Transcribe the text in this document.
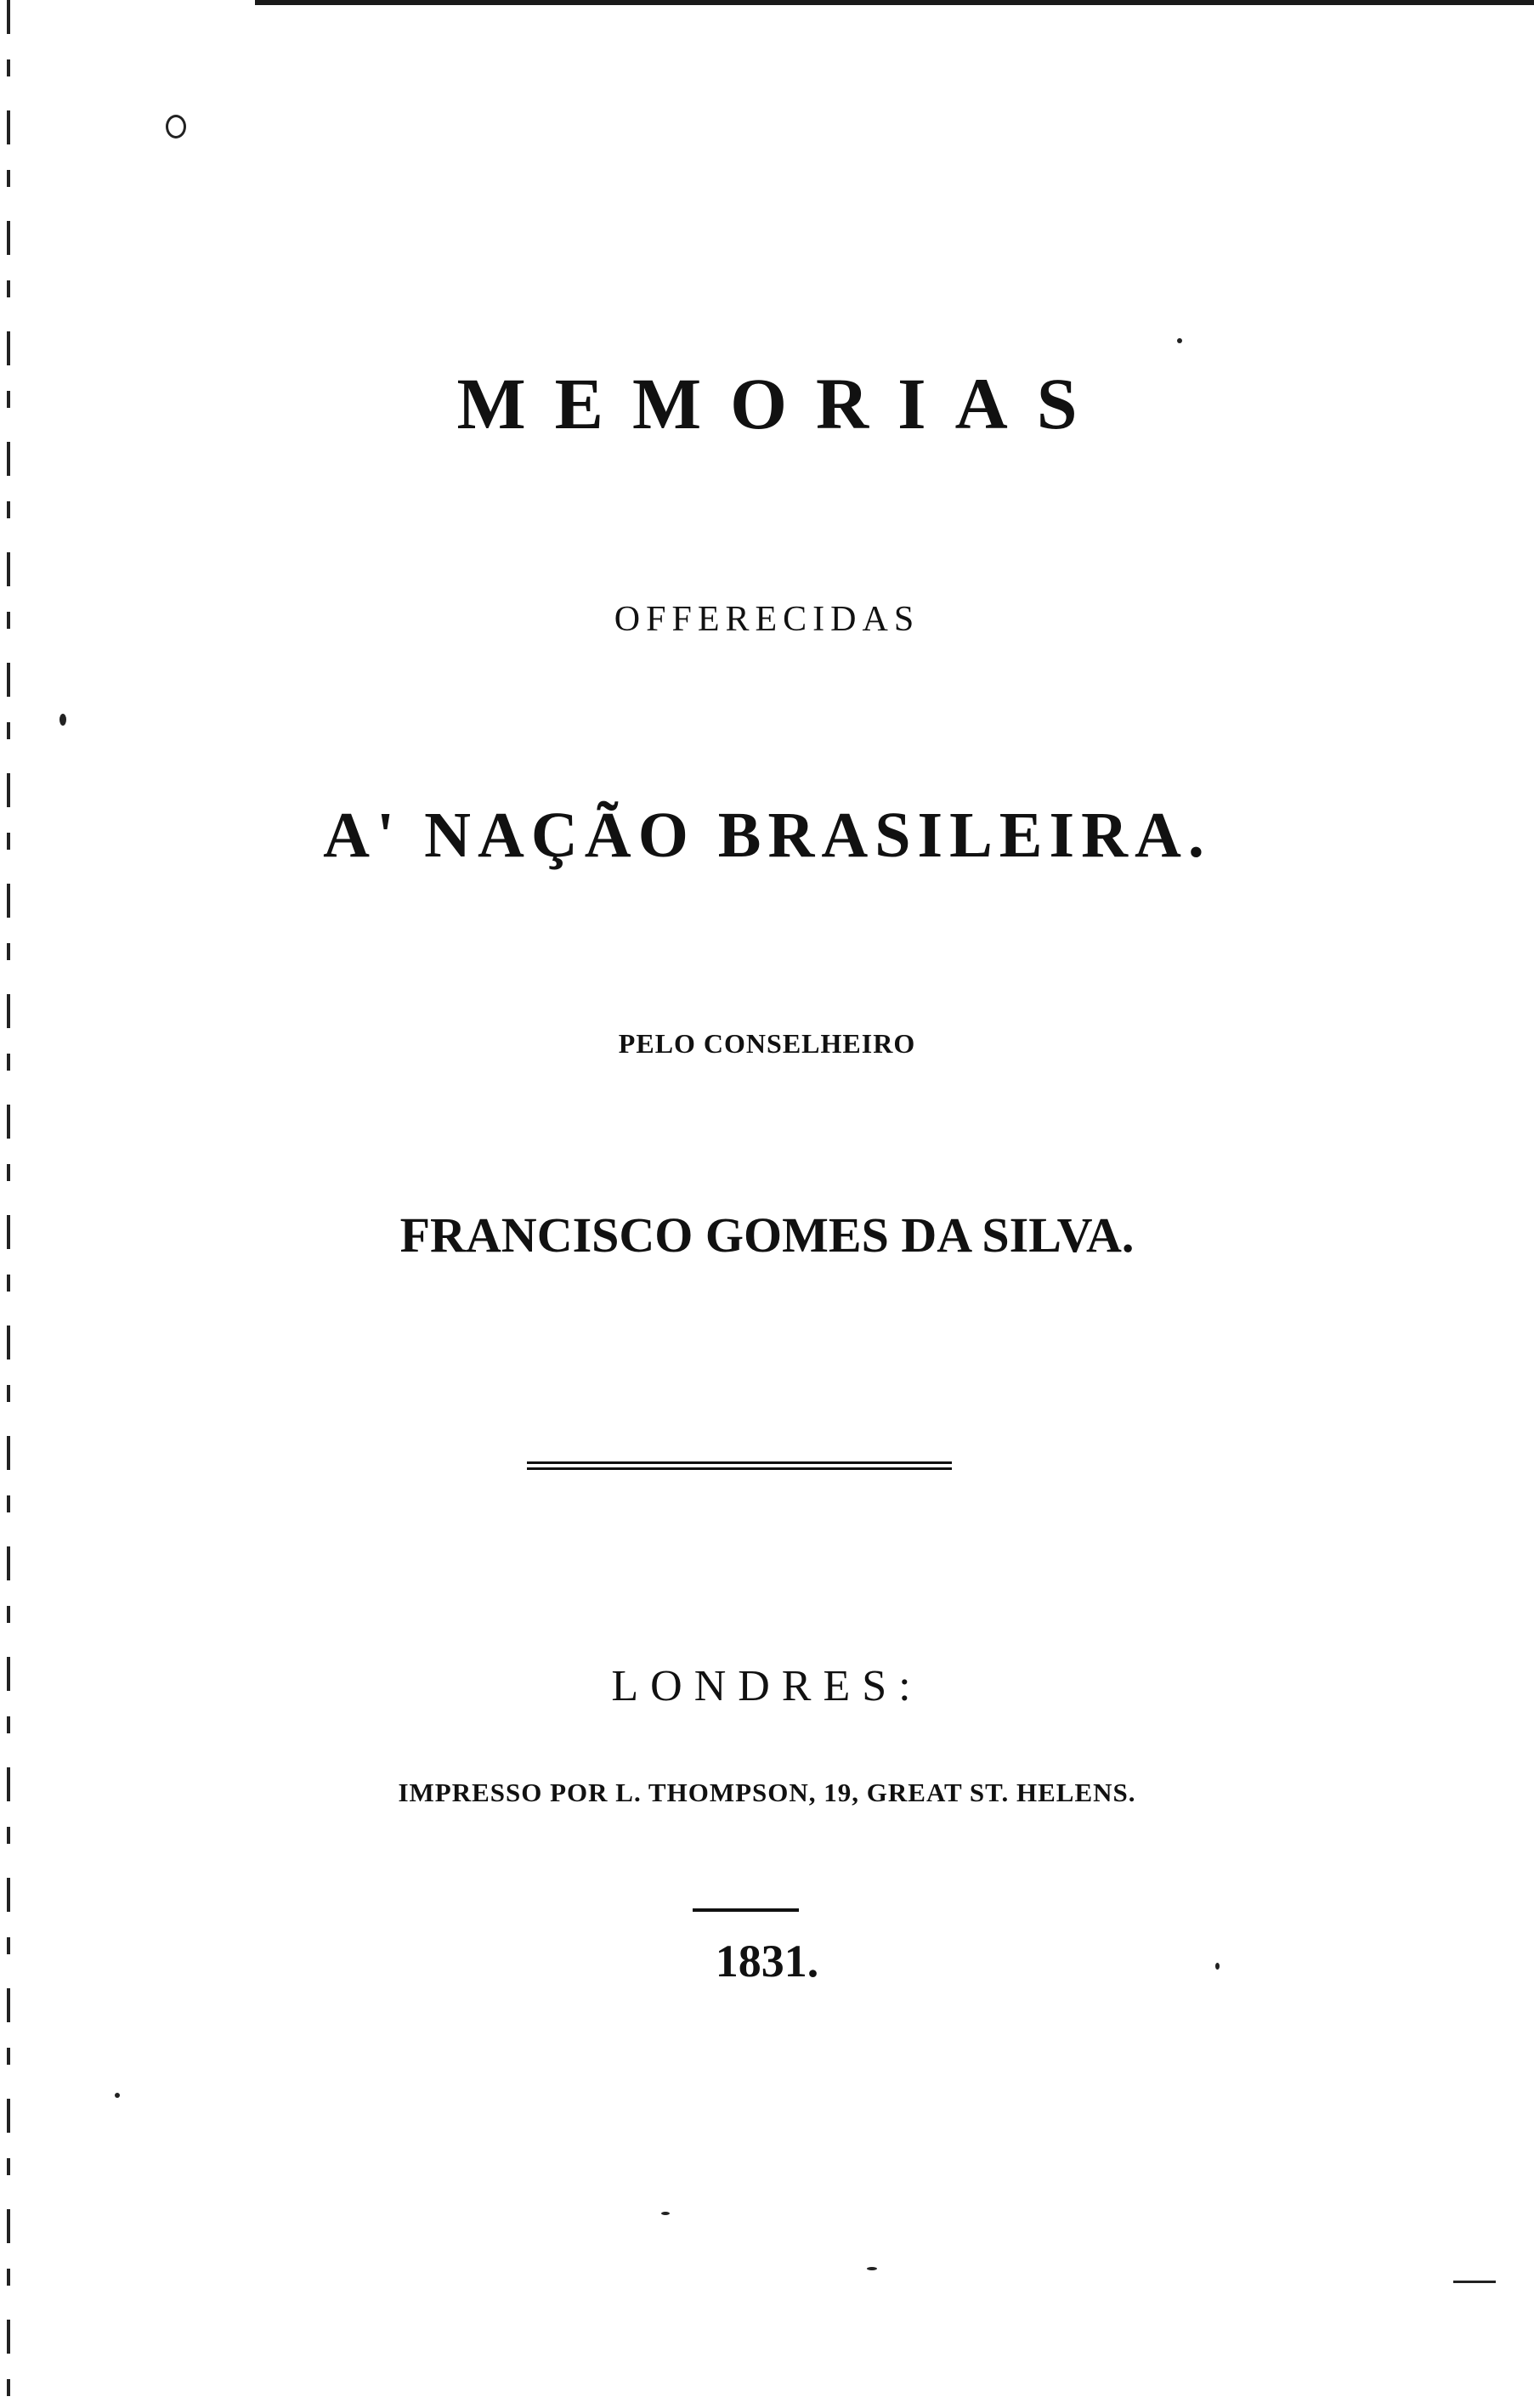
MEMORIAS
OFFERECIDAS
A' NAÇÃO BRASILEIRA.
PELO CONSELHEIRO
FRANCISCO GOMES DA SILVA.
LONDRES:
IMPRESSO POR L. THOMPSON, 19, GREAT ST. HELENS.
1831.
